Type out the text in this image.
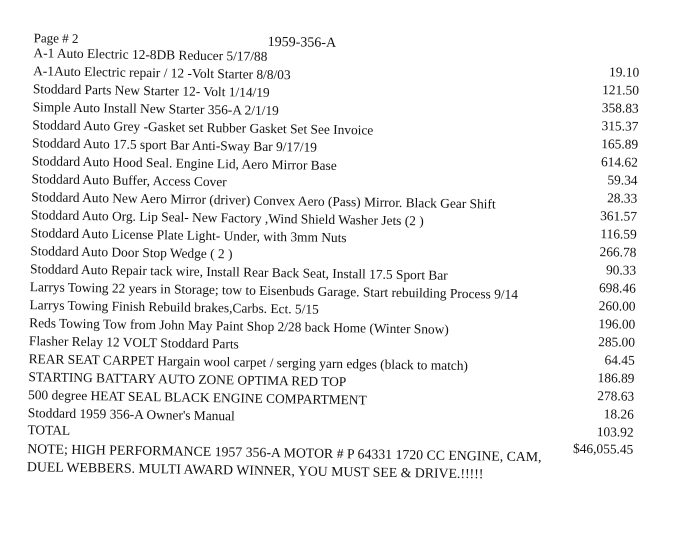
Page # 2	1959-356-A
A-1 Auto Electric 12-8DB Reducer 5/17/88
19.10
A-1Auto Electric repair / 12 -Volt Starter 8/8/03
121.50
Stoddard Parts New Starter 12- Volt 1/14/19
358.83
Simple Auto Install New Starter 356-A 2/1/19
315.37
Stoddard Auto Grey -Gasket set Rubber Gasket Set See Invoice
165.89
Stoddard Auto 17.5 sport Bar Anti-Sway Bar 9/17/19
614.62
Stoddard Auto Hood Seal. Engine Lid, Aero Mirror Base
59.34
Stoddard Auto Buffer, Access Cover
28.33
Stoddard Auto New Aero Mirror (driver) Convex Aero (Pass) Mirror. Black Gear Shift
361.57
Stoddard Auto Org. Lip Seal- New Factory ,Wind Shield Washer Jets (2 )
116.59
Stoddard Auto License Plate Light- Under, with 3mm Nuts
266.78
Stoddard Auto Door Stop Wedge ( 2 )
90.33
Stoddard Auto Repair tack wire, Install Rear Back Seat, Install 17.5 Sport Bar
698.46
Larrys Towing 22 years in Storage; tow to Eisenbuds Garage. Start rebuilding Process 9/14
260.00
Larrys Towing Finish Rebuild brakes,Carbs. Ect. 5/15
196.00
Reds Towing Tow from John May Paint Shop 2/28 back Home (Winter Snow)
285.00
Flasher Relay 12 VOLT Stoddard Parts
64.45
REAR SEAT CARPET Hargain wool carpet / serging yarn edges (black to match)
186.89
STARTING BATTARY AUTO ZONE OPTIMA RED TOP
278.63
500 degree HEAT SEAL BLACK ENGINE COMPARTMENT
18.26
Stoddard 1959 356-A Owner's Manual
103.92
TOTAL
$46,055.45
NOTE; HIGH PERFORMANCE 1957 356-A MOTOR # P 64331 1720 CC ENGINE, CAM,
DUEL WEBBERS. MULTI AWARD WINNER, YOU MUST SEE & DRIVE.!!!!!
